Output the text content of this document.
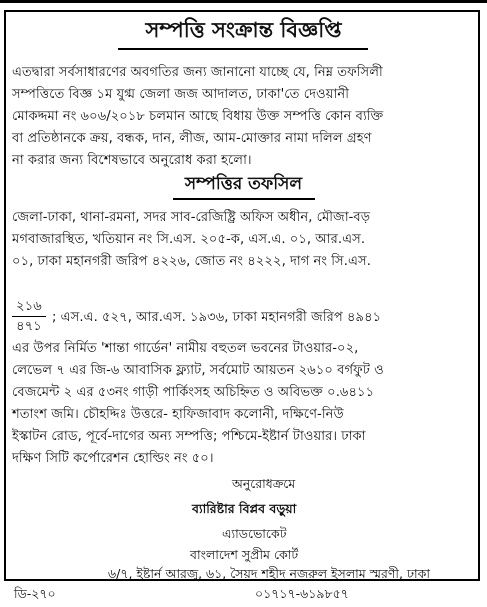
সম্পত্তি সংক্রান্ত বিজ্ঞপ্তি
এতদ্বারা সর্বসাধারণের অবগতির জন্য জানানো যাচ্ছে যে, নিম্ন তফসিলী
সম্পত্তিতে বিজ্ঞ ১ম যুগ্ম জেলা জজ আদালত, ঢাকা'তে দেওয়ানী
মোকদ্দমা নং ৬০৬/২০১৮ চলমান আছে বিধায় উক্ত সম্পত্তি কোন ব্যক্তি
বা প্রতিষ্ঠানকে ক্রয়, বন্ধক, দান, লীজ, আম-মোক্তার নামা দলিল গ্রহণ
না করার জন্য বিশেষভাবে অনুরোধ করা হলো।
সম্পত্তির তফসিল
জেলা-ঢাকা, থানা-রমনা, সদর সাব-রেজিষ্ট্রি অফিস অধীন, মৌজা-বড়
মগবাজারস্থিত, খতিয়ান নং সি.এস. ২০৫-ক, এস.এ. ০১, আর.এস.
০১, ঢাকা মহানগরী জরিপ ৪২২৬, জোত নং ৪২২২, দাগ নং সি.এস.
২১৬
৪৭১
; এস.এ. ৫২৭, আর.এস. ১৯৩৬, ঢাকা মহানগরী জরিপ ৪৯৪১
এর উপর নির্মিত 'শান্তা গার্ডেন' নামীয় বহুতল ভবনের টাওয়ার-০২,
লেভেল ৭ এর জি-৬ আবাসিক ফ্ল্যাট, সর্বমোট আয়তন ২৬১০ বর্গফুট ও
বেজমেন্ট ২ এর ৫৩নং গাড়ী পার্কিংসহ অচিহ্নিত ও অবিভক্ত ০.৬৪১১
শতাংশ জমি। চৌহদ্দিঃ উত্তরে- হাফিজাবাদ কলোনী, দক্ষিণে-নিউ
ইস্কাটন রোড, পূর্বে-দাগের অন্য সম্পত্তি; পশ্চিমে-ইষ্টার্ন টাওয়ার। ঢাকা
দক্ষিণ সিটি কর্পোরেশন হোল্ডিং নং ৫০।
অনুরোধক্রমে
ব্যারিষ্টার বিপ্লব বড়ুয়া
এ্যাডভোকেট
বাংলাদেশ সুপ্রীম কোর্ট
৬/৭, ইষ্টার্ন আরজু, ৬১, সৈয়দ শহীদ নজরুল ইসলাম স্মরণী, ঢাকা
ডি-২৭০	০১৭১৭-৬১৯৮৫৭
